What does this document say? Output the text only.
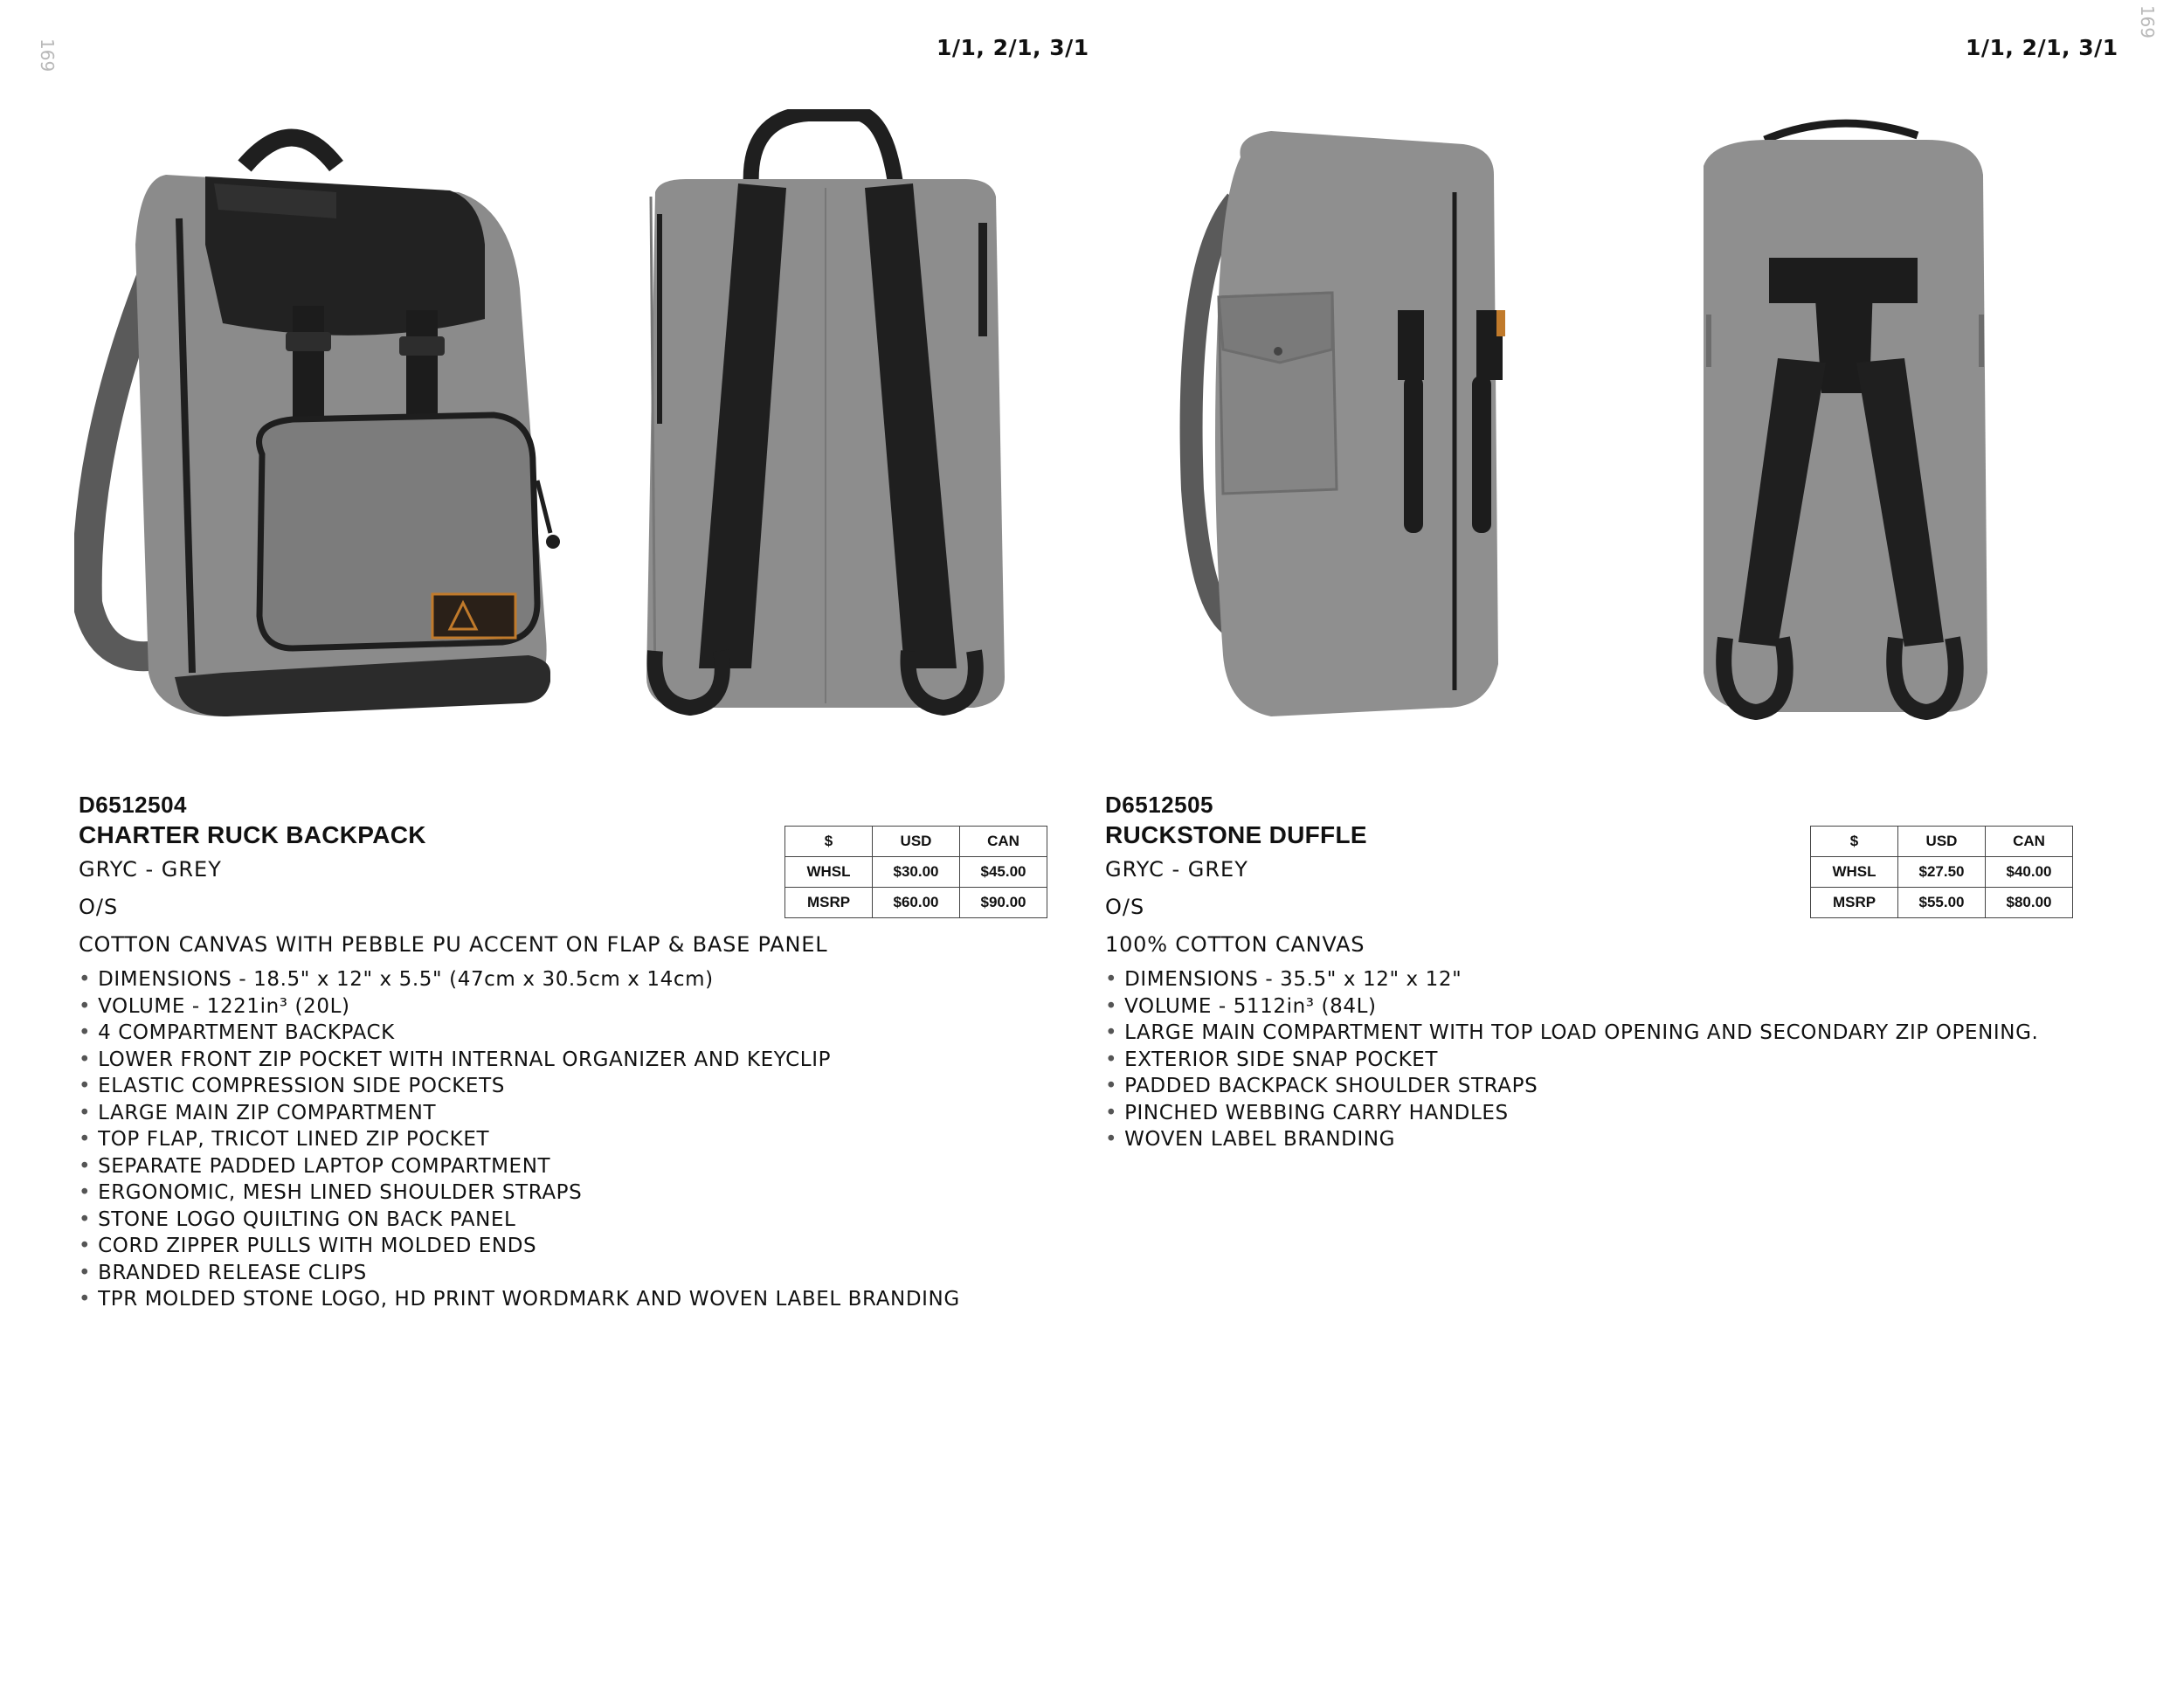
169
169
1/1, 2/1, 3/1	1/1, 2/1, 3/1
D6512504
CHARTER RUCK BACKPACK
GRYC - GREY
O/S
COTTON CANVAS WITH PEBBLE PU ACCENT ON FLAP & BASE PANEL
• DIMENSIONS - 18.5" x 12" x 5.5" (47cm x 30.5cm x 14cm)
• VOLUME - 1221in³ (20L)
• 4 COMPARTMENT BACKPACK
• LOWER FRONT ZIP POCKET WITH INTERNAL ORGANIZER AND KEYCLIP
• ELASTIC COMPRESSION SIDE POCKETS
• LARGE MAIN ZIP COMPARTMENT
• TOP FLAP, TRICOT LINED ZIP POCKET
• SEPARATE PADDED LAPTOP COMPARTMENT
• ERGONOMIC, MESH LINED SHOULDER STRAPS
• STONE LOGO QUILTING ON BACK PANEL
• CORD ZIPPER PULLS WITH MOLDED ENDS
• BRANDED RELEASE CLIPS
• TPR MOLDED STONE LOGO, HD PRINT WORDMARK AND WOVEN LABEL BRANDING
$	USD	CAN
WHSL	$30.00	$45.00
MSRP	$60.00	$90.00
D6512505
RUCKSTONE DUFFLE
GRYC - GREY
O/S
100% COTTON CANVAS
• DIMENSIONS - 35.5" x 12" x 12"
• VOLUME - 5112in³ (84L)
• LARGE MAIN COMPARTMENT WITH TOP LOAD OPENING AND SECONDARY ZIP OPENING.
• EXTERIOR SIDE SNAP POCKET
• PADDED BACKPACK SHOULDER STRAPS
• PINCHED WEBBING CARRY HANDLES
• WOVEN LABEL BRANDING
$	USD	CAN
WHSL	$27.50	$40.00
MSRP	$55.00	$80.00
